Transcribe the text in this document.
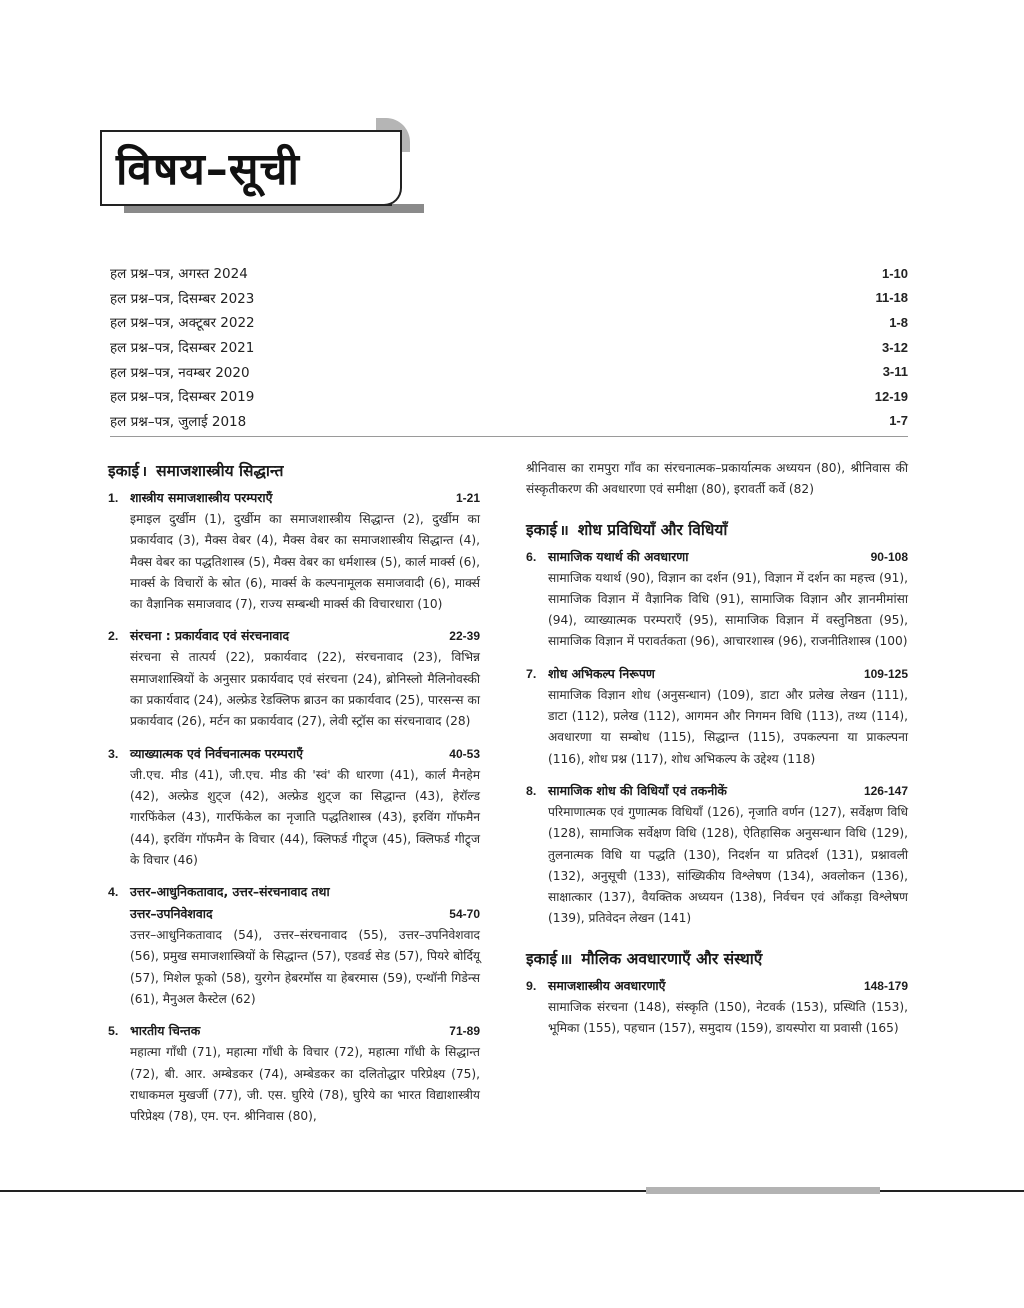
विषय–सूची
हल प्रश्न–पत्र, अगस्त 2024	1-10
हल प्रश्न–पत्र, दिसम्बर 2023	11-18
हल प्रश्न–पत्र, अक्टूबर 2022	1-8
हल प्रश्न–पत्र, दिसम्बर 2021	3-12
हल प्रश्न–पत्र, नवम्बर 2020	3-11
हल प्रश्न–पत्र, दिसम्बर 2019	12-19
हल प्रश्न–पत्र, जुलाई 2018	1-7
इकाई I समाजशास्त्रीय सिद्धान्त
1. शास्त्रीय समाजशास्त्रीय परम्पराएँ	1-21
इमाइल दुर्खीम (1), दुर्खीम का समाजशास्त्रीय सिद्धान्त (2), दुर्खीम का प्रकार्यवाद (3), मैक्स वेबर (4), मैक्स वेबर का समाजशास्त्रीय सिद्धान्त (4), मैक्स वेबर का पद्धतिशास्त्र (5), मैक्स वेबर का धर्मशास्त्र (5), कार्ल मार्क्स (6), मार्क्स के विचारों के स्रोत (6), मार्क्स के कल्पनामूलक समाजवादी (6), मार्क्स का वैज्ञानिक समाजवाद (7), राज्य सम्बन्धी मार्क्स की विचारधारा (10)
2. संरचना : प्रकार्यवाद एवं संरचनावाद	22-39
संरचना से तात्पर्य (22), प्रकार्यवाद (22), संरचनावाद (23), विभिन्न समाजशास्त्रियों के अनुसार प्रकार्यवाद एवं संरचना (24), ब्रोनिस्लो मैलिनोवस्की का प्रकार्यवाद (24), अल्फ्रेड रेडक्लिफ ब्राउन का प्रकार्यवाद (25), पारसन्स का प्रकार्यवाद (26), मर्टन का प्रकार्यवाद (27), लेवी स्ट्रॉस का संरचनावाद (28)
3. व्याख्यात्मक एवं निर्वचनात्मक परम्पराएँ	40-53
जी.एच. मीड (41), जी.एच. मीड की 'स्वं' की धारणा (41), कार्ल मैनहेम (42), अल्फ्रेड शुट्ज (42), अल्फ्रेड शुट्ज का सिद्धान्त (43), हेरॉल्ड गारफिंकेल (43), गारफिंकेल का नृजाति पद्धतिशास्त्र (43), इरविंग गॉफमैन (44), इरविंग गॉफमैन के विचार (44), क्लिफर्ड गीट्र्ज (45), क्लिफर्ड गीट्र्ज के विचार (46)
4. उत्तर–आधुनिकतावाद, उत्तर–संरचनावाद तथा
उत्तर–उपनिवेशवाद	54-70
उत्तर–आधुनिकतावाद (54), उत्तर–संरचनावाद (55), उत्तर–उपनिवेशवाद (56), प्रमुख समाजशास्त्रियों के सिद्धान्त (57), एडवर्ड सेड (57), पियरे बोर्दियू (57), मिशेल फूको (58), युरगेन हेबरमॉस या हेबरमास (59), एन्थॉनी गिडेन्स (61), मैनुअल कैस्टेल (62)
5. भारतीय चिन्तक	71-89
महात्मा गाँधी (71), महात्मा गाँधी के विचार (72), महात्मा गाँधी के सिद्धान्त (72), बी. आर. अम्बेडकर (74), अम्बेडकर का दलितोद्धार परिप्रेक्ष्य (75), राधाकमल मुखर्जी (77), जी. एस. घुरिये (78), घुरिये का भारत विद्याशास्त्रीय परिप्रेक्ष्य (78), एम. एन. श्रीनिवास (80),
श्रीनिवास का रामपुरा गाँव का संरचनात्मक–प्रकार्यात्मक अध्ययन (80), श्रीनिवास की संस्कृतीकरण की अवधारणा एवं समीक्षा (80), इरावर्ती कर्वे (82)
इकाई II शोध प्रविधियाँ और विधियाँ
6. सामाजिक यथार्थ की अवधारणा	90-108
सामाजिक यथार्थ (90), विज्ञान का दर्शन (91), विज्ञान में दर्शन का महत्त्व (91), सामाजिक विज्ञान में वैज्ञानिक विधि (91), सामाजिक विज्ञान और ज्ञानमीमांसा (94), व्याख्यात्मक परम्पराएँ (95), सामाजिक विज्ञान में वस्तुनिष्ठता (95), सामाजिक विज्ञान में परावर्तकता (96), आचारशास्त्र (96), राजनीतिशास्त्र (100)
7. शोध अभिकल्प निरूपण	109-125
सामाजिक विज्ञान शोध (अनुसन्धान) (109), डाटा और प्रलेख लेखन (111), डाटा (112), प्रलेख (112), आगमन और निगमन विधि (113), तथ्य (114), अवधारणा या सम्बोध (115), सिद्धान्त (115), उपकल्पना या प्राकल्पना (116), शोध प्रश्न (117), शोध अभिकल्प के उद्देश्य (118)
8. सामाजिक शोध की विधियाँ एवं तकनीकें	126-147
परिमाणात्मक एवं गुणात्मक विधियाँ (126), नृजाति वर्णन (127), सर्वेक्षण विधि (128), सामाजिक सर्वेक्षण विधि (128), ऐतिहासिक अनुसन्धान विधि (129), तुलनात्मक विधि या पद्धति (130), निदर्शन या प्रतिदर्श (131), प्रश्नावली (132), अनुसूची (133), सांख्यिकीय विश्लेषण (134), अवलोकन (136), साक्षात्कार (137), वैयक्तिक अध्ययन (138), निर्वचन एवं आँकड़ा विश्लेषण (139), प्रतिवेदन लेखन (141)
इकाई III मौलिक अवधारणाएँ और संस्थाएँ
9. समाजशास्त्रीय अवधारणाएँ	148-179
सामाजिक संरचना (148), संस्कृति (150), नेटवर्क (153), प्रस्थिति (153), भूमिका (155), पहचान (157), समुदाय (159), डायस्पोरा या प्रवासी (165)
